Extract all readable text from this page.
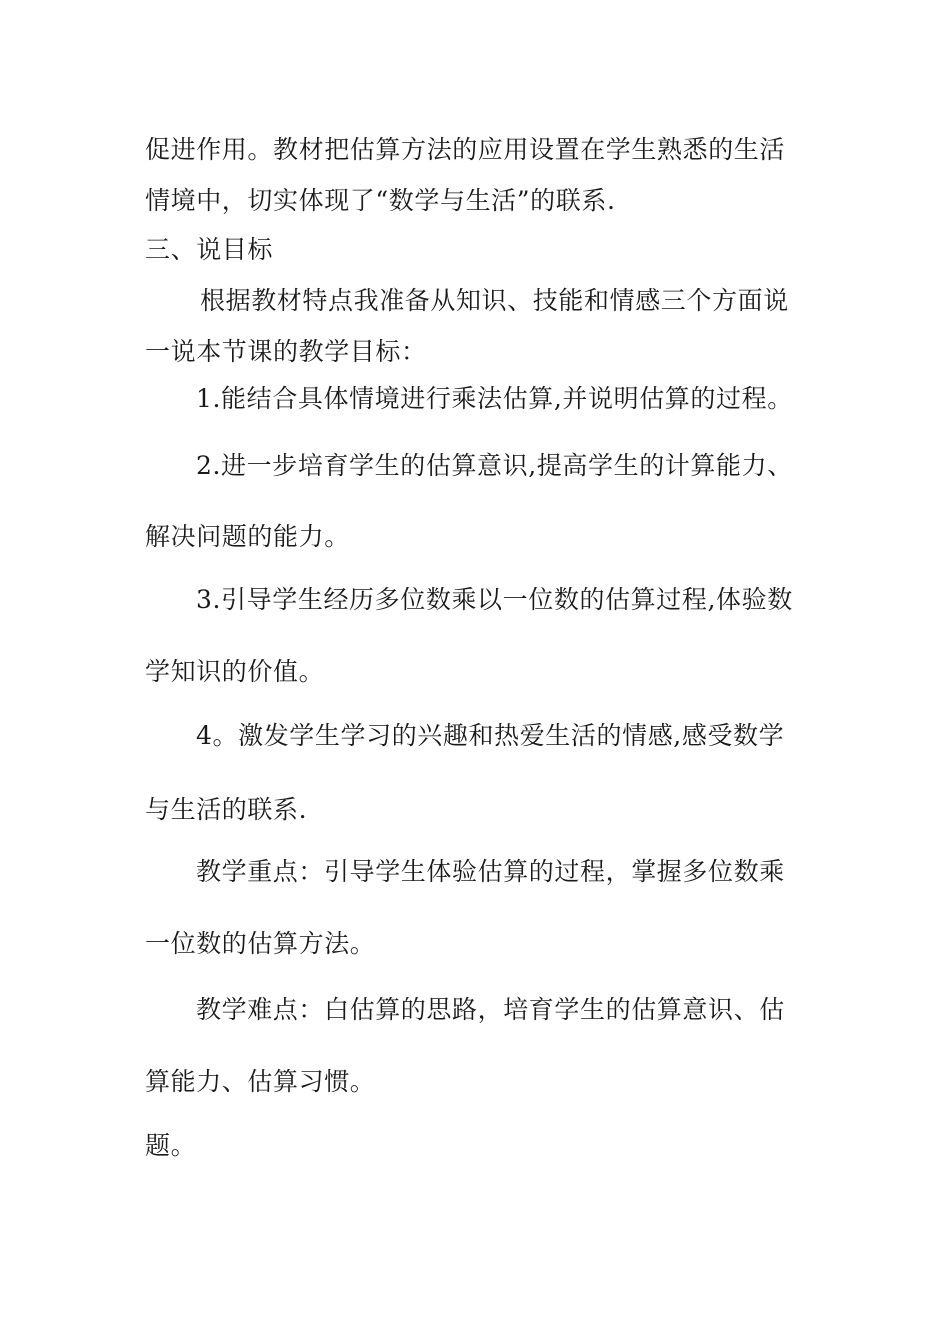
促进作用。教材把估算方法的应用设置在学生熟悉的生活
情境中，切实体现了“数学与生活”的联系.
三、说目标
根据教材特点我准备从知识、技能和情感三个方面说
一说本节课的教学目标：
1.能结合具体情境进行乘法估算,并说明估算的过程。
2.进一步培育学生的估算意识,提高学生的计算能力、
解决问题的能力。
3.引导学生经历多位数乘以一位数的估算过程,体验数
学知识的价值。
4。激发学生学习的兴趣和热爱生活的情感,感受数学
与生活的联系.
教学重点：引导学生体验估算的过程，掌握多位数乘
一位数的估算方法。
教学难点：白估算的思路，培育学生的估算意识、估
算能力、估算习惯。
题。
